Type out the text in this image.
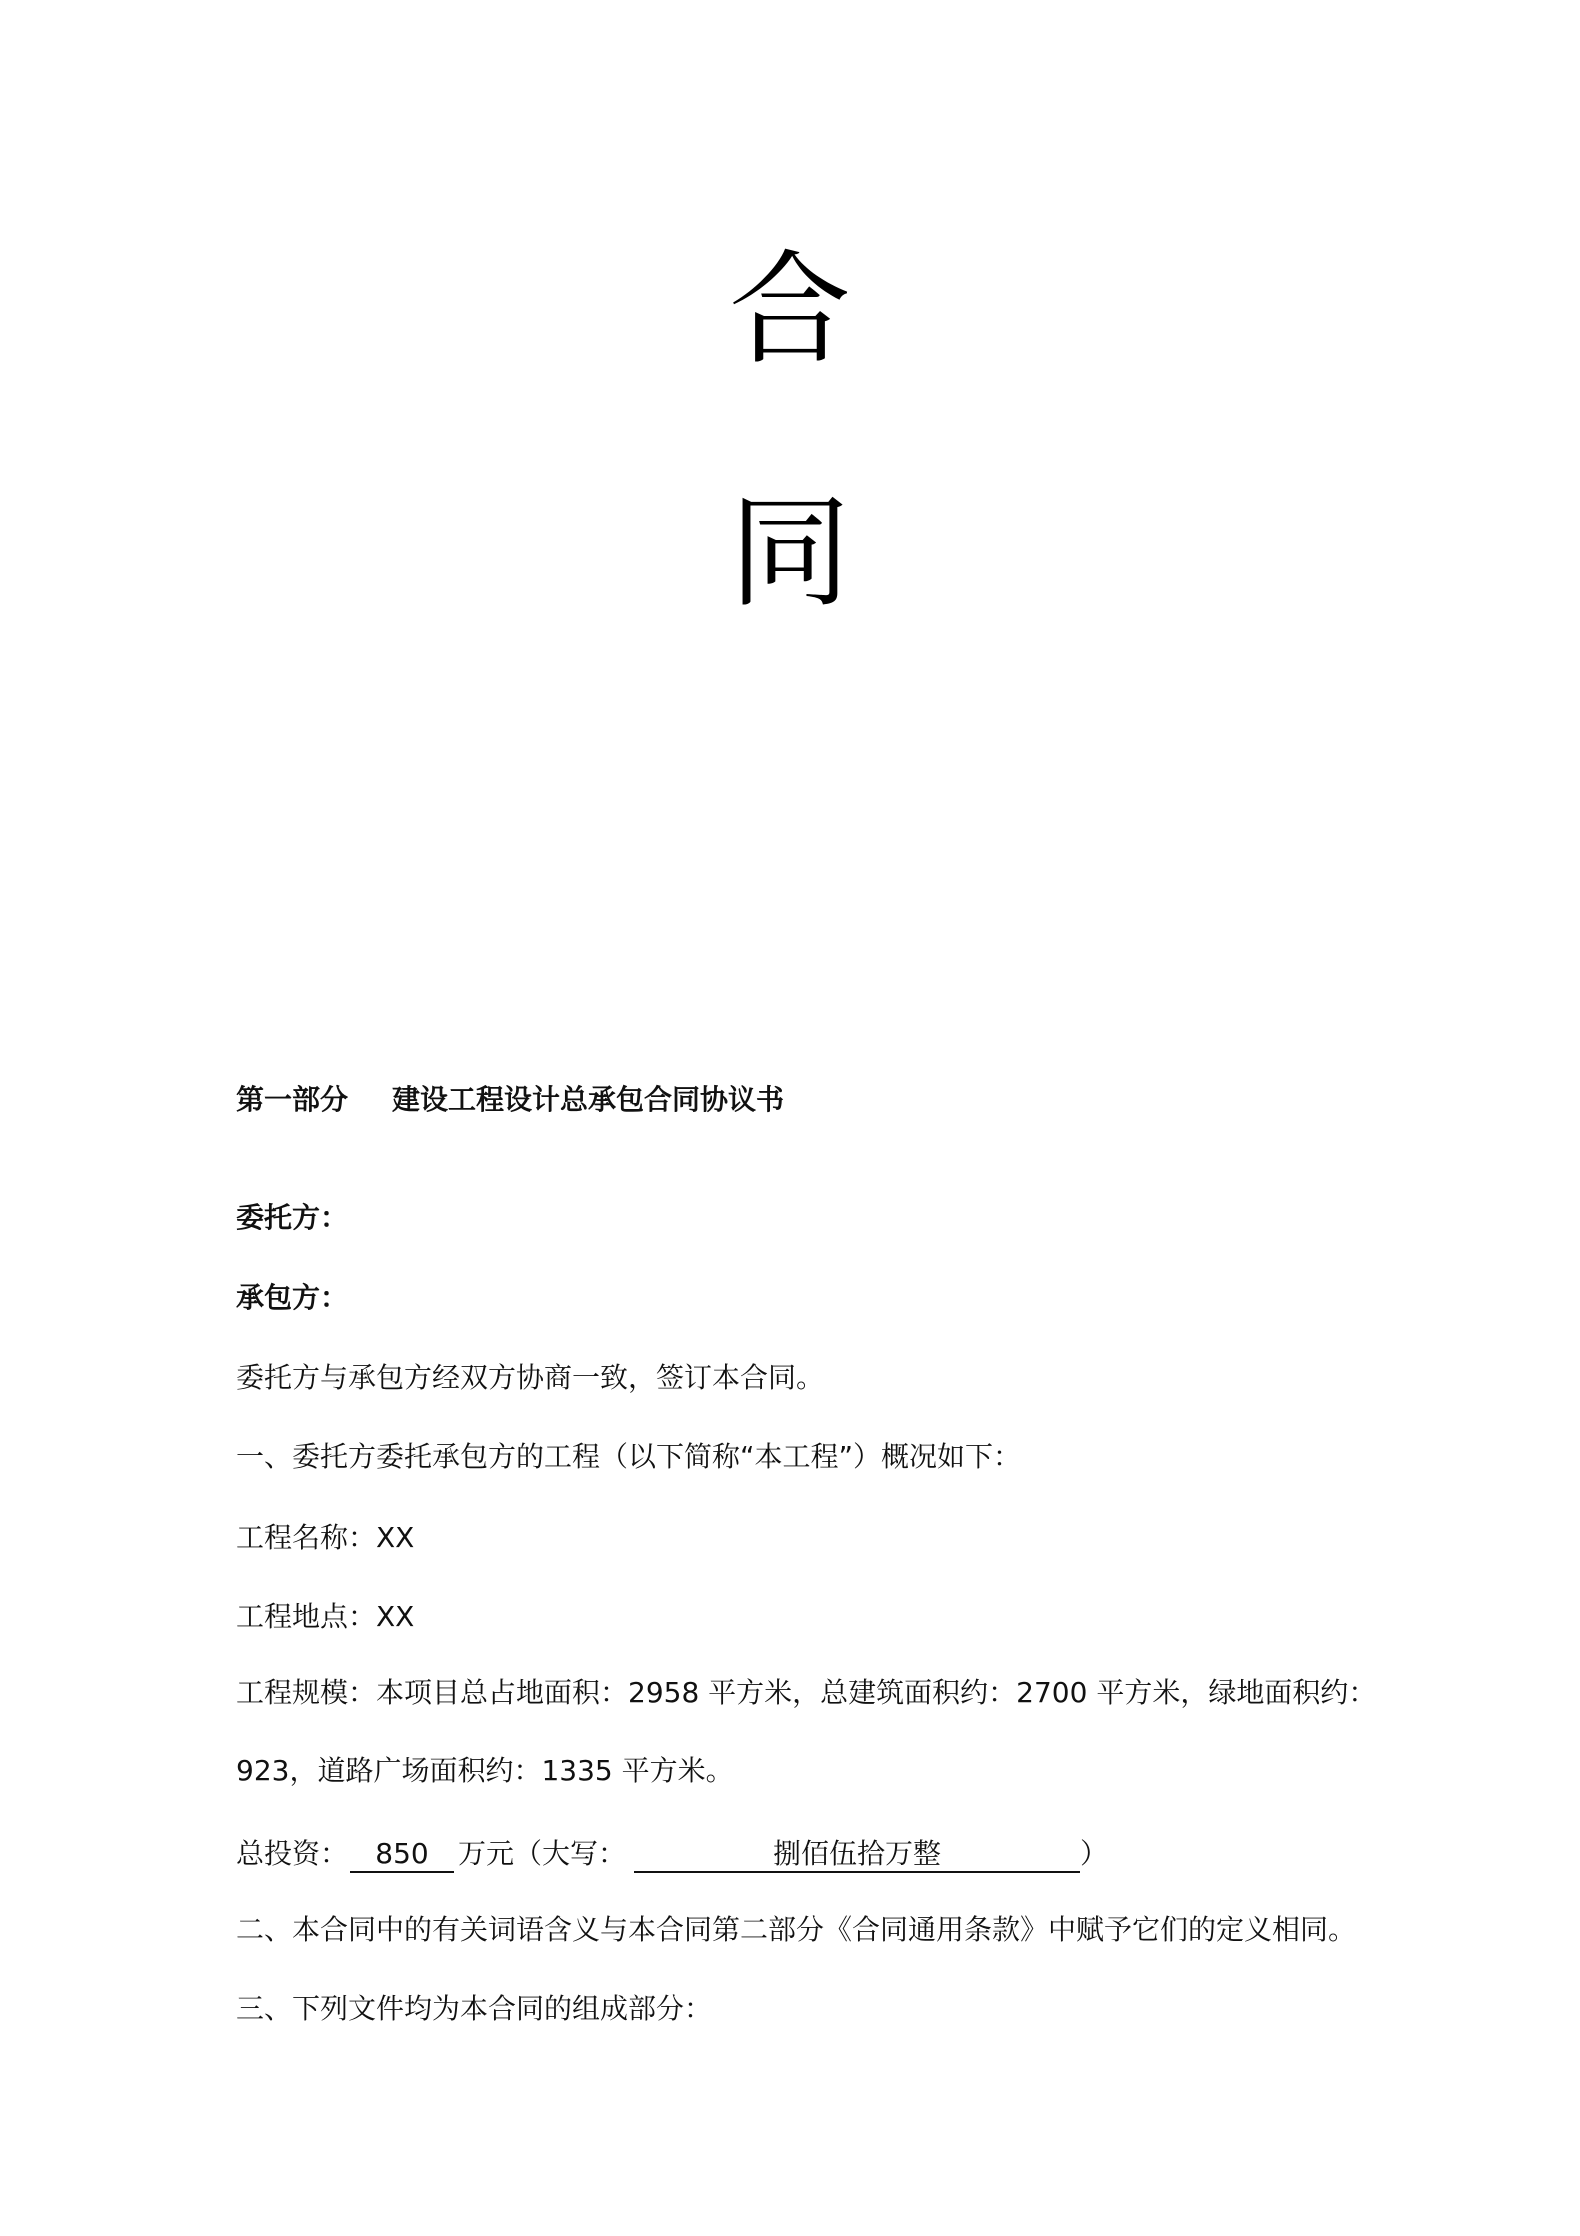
合
同
第一部分 建设工程设计总承包合同协议书
委托方：
承包方：
委托方与承包方经双方协商一致，签订本合同。
一、委托方委托承包方的工程（以下简称“本工程”）概况如下：
工程名称：XX
工程地点：XX
工程规模：本项目总占地面积：2958 平方米，总建筑面积约：2700 平方米，绿地面积约：
923，道路广场面积约：1335 平方米。
总投资： 850 万元（大写：	捌佰伍拾万整	）
二、本合同中的有关词语含义与本合同第二部分《合同通用条款》中赋予它们的定义相同。
三、下列文件均为本合同的组成部分：
